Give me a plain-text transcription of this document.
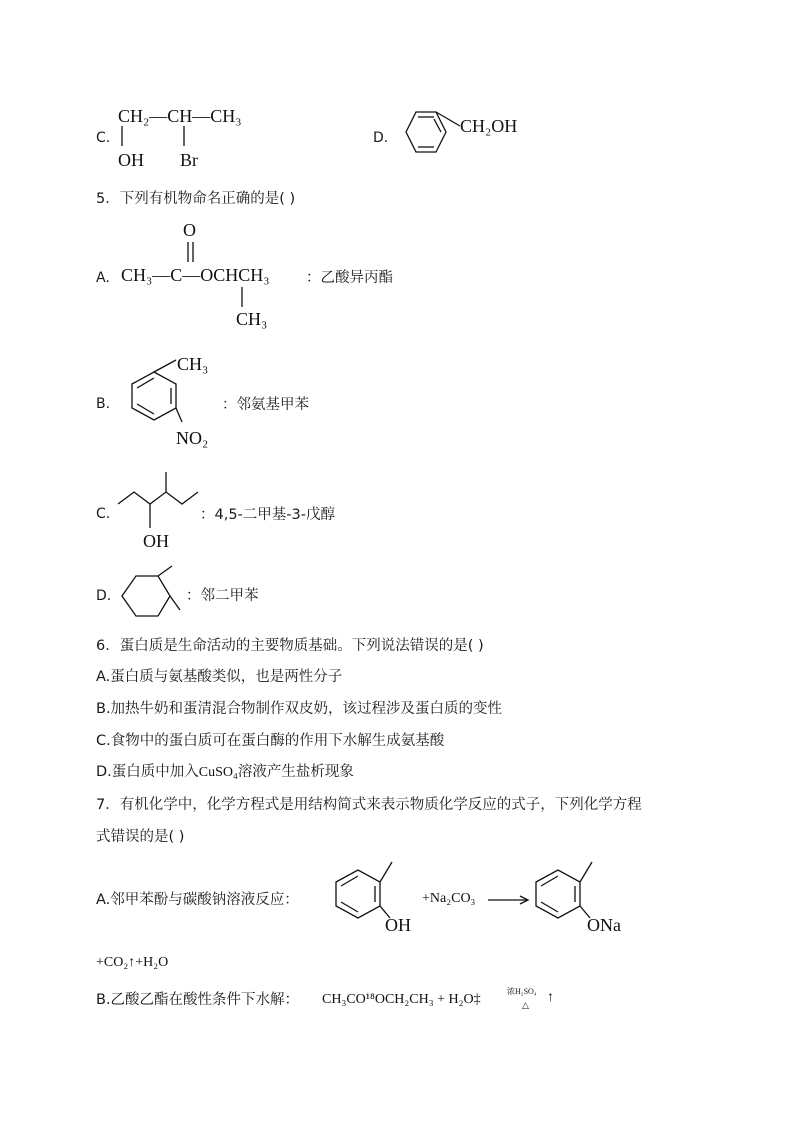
C.
CH₂—CH—CH₃
OH Br
D.
CH₂OH
5．下列有机物命名正确的是( )
A.
O
CH₃—C—OCHCH₃
CH₃
：乙酸异丙酯
B.
CH₃
NO₂
：邻氨基甲苯
C.
OH
：4,5-二甲基-3-戊醇
D.	：邻二甲苯
6．蛋白质是生命活动的主要物质基础。下列说法错误的是( )
A.蛋白质与氨基酸类似，也是两性分子
B.加热牛奶和蛋清混合物制作双皮奶，该过程涉及蛋白质的变性
C.食物中的蛋白质可在蛋白酶的作用下水解生成氨基酸
D.蛋白质中加入CuSO₄溶液产生盐析现象
7．有机化学中，化学方程式是用结构简式来表示物质化学反应的式子，下列化学方程
式错误的是( )
A.邻甲苯酚与碳酸钠溶液反应：
OH
+Na₂CO₃
ONa
+CO₂↑+H₂O
B.乙酸乙酯在酸性条件下水解： CH₃CO¹⁸OCH₂CH₃ + H₂O‡
浓H₂SO₄
△ ↑
